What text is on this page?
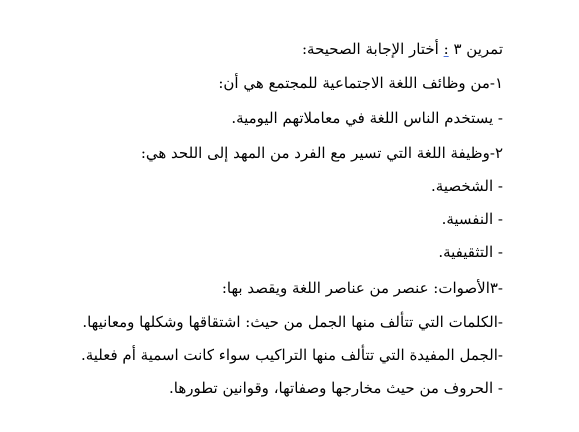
تمرين ٣ : أختار الإجابة الصحيحة:
١-من وظائف اللغة الاجتماعية للمجتمع هي أن:
- يستخدم الناس اللغة في معاملاتهم اليومية.
٢-وظيفة اللغة التي تسير مع الفرد من المهد إلى اللحد هي:
- الشخصية.
- النفسية.
- التثقيفية.
-٣الأصوات: عنصر من عناصر اللغة ويقصد بها:
-الكلمات التي تتألف منها الجمل من حيث: اشتقاقها وشكلها ومعانيها.
-الجمل المفيدة التي تتألف منها التراكيب سواء كانت اسمية أم فعلية.
- الحروف من حيث مخارجها وصفاتها، وقوانين تطورها.
